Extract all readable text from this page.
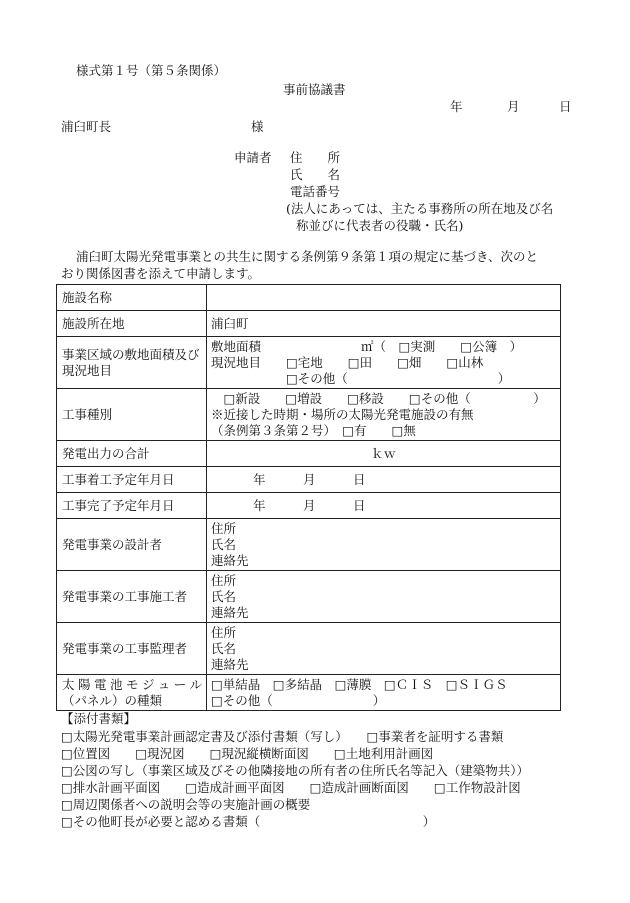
様式第１号（第５条関係）
事前協議書
年	月	日
浦臼町長	様
申請者 住　　所
氏　　名
電話番号
(法人にあっては、主たる事務所の所在地及び名
称並びに代表者の役職・氏名)
浦臼町太陽光発電事業との共生に関する条例第９条第１項の規定に基づき、次のと
おり関係図書を添えて申請します。
施設名称	
施設所在地	浦臼町
事業区域の敷地面積及び現況地目	敷地面積　　　　　　　　㎡（　□実測　　□公簿　）
現況地目　　□宅地　　□田　　□畑　　□山林
　　　　　　□その他（　　　　　　　　　　　　）

工事種別	　□新設　　□増設　　□移設　　□その他（　　　　　）
※近接した時期・場所の太陽光発電施設の有無
（条例第３条第２号）　□有　　□無

発電出力の合計	ｋｗ
工事着工予定年月日	年　　　月　　　日
工事完了予定年月日	年　　　月　　　日
発電事業の設計者	住所
氏名
連絡先

発電事業の工事施工者	住所
氏名
連絡先

発電事業の工事監理者	住所
氏名
連絡先

太陽電池モジュール
（パネル）の種類	□単結晶　□多結晶　□薄膜　□ＣＩＳ　□ＳＩＧＳ
□その他（　　　　　　　　）
【添付書類】
□太陽光発電事業計画認定書及び添付書類（写し）　　□事業者を証明する書類
□位置図　　□現況図　　□現況縦横断面図　　□土地利用計画図
□公図の写し（事業区域及びその他隣接地の所有者の住所氏名等記入（建築物共））
□排水計画平面図　　□造成計画平面図　　□造成計画断面図　　□工作物設計図
□周辺関係者への説明会等の実施計画の概要
□その他町長が必要と認める書類（　　　　　　　　　　　　　）
